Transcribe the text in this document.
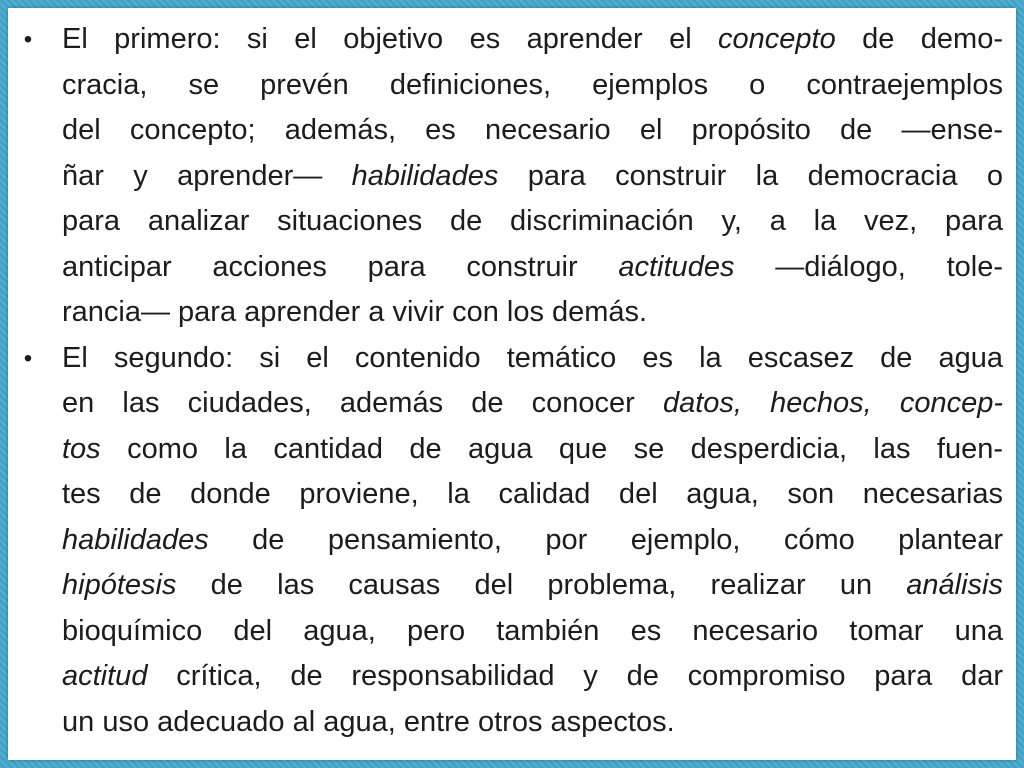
• El primero: si el objetivo es aprender el concepto de demo-
cracia, se prevén definiciones, ejemplos o contraejemplos
del concepto; además, es necesario el propósito de —ense-
ñar y aprender— habilidades para construir la democracia o
para analizar situaciones de discriminación y, a la vez, para
anticipar acciones para construir actitudes —diálogo, tole-
rancia— para aprender a vivir con los demás.
• El segundo: si el contenido temático es la escasez de agua
en las ciudades, además de conocer datos, hechos, concep-
tos como la cantidad de agua que se desperdicia, las fuen-
tes de donde proviene, la calidad del agua, son necesarias
habilidades de pensamiento, por ejemplo, cómo plantear
hipótesis de las causas del problema, realizar un análisis
bioquímico del agua, pero también es necesario tomar una
actitud crítica, de responsabilidad y de compromiso para dar
un uso adecuado al agua, entre otros aspectos.
